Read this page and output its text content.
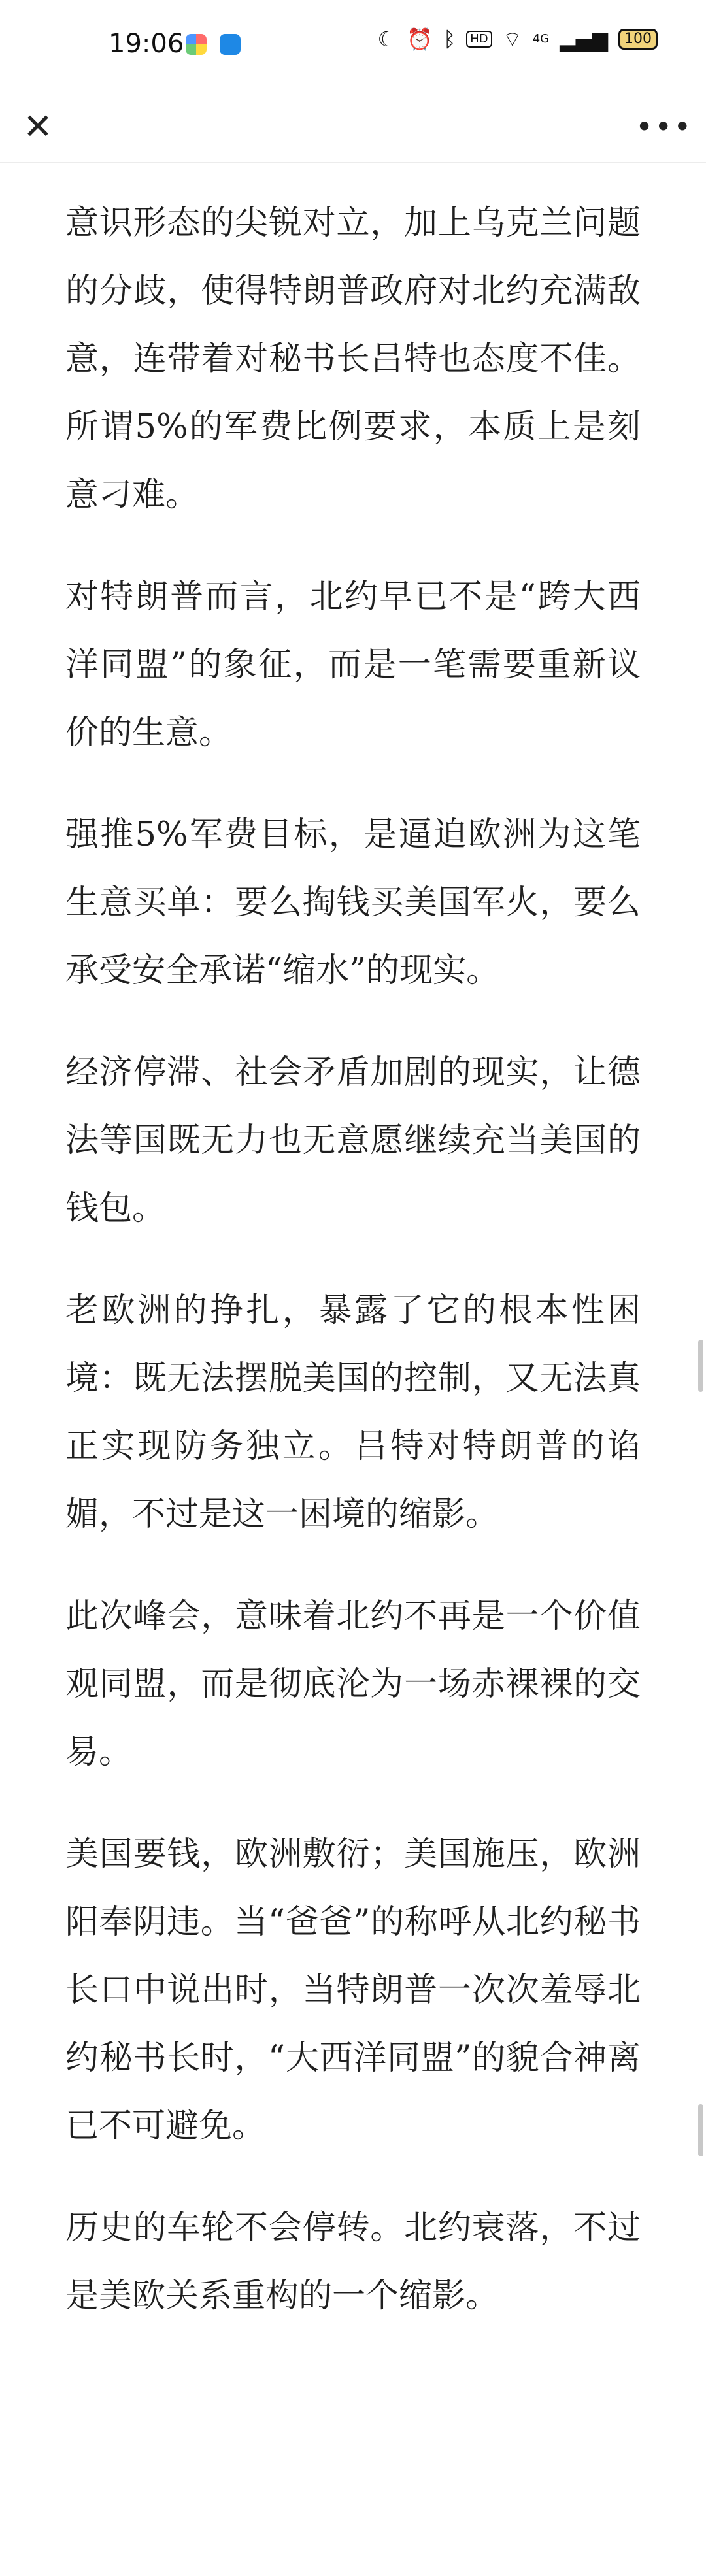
19:06	☾ ⏰ ᛒ	HD ⌔ 4G ▂▄▆	100
✕	•••

意识形态的尖锐对立，加上乌克兰问题的分歧，使得特朗普政府对北约充满敌意，连带着对秘书长吕特也态度不佳。所谓5%的军费比例要求，本质上是刻意刁难。

对特朗普而言，北约早已不是“跨大西洋同盟”的象征，而是一笔需要重新议价的生意。

强推5%军费目标，是逼迫欧洲为这笔生意买单：要么掏钱买美国军火，要么承受安全承诺“缩水”的现实。

经济停滞、社会矛盾加剧的现实，让德法等国既无力也无意愿继续充当美国的钱包。

老欧洲的挣扎，暴露了它的根本性困境：既无法摆脱美国的控制，又无法真正实现防务独立。吕特对特朗普的谄媚，不过是这一困境的缩影。

此次峰会，意味着北约不再是一个价值观同盟，而是彻底沦为一场赤裸裸的交易。

美国要钱，欧洲敷衍；美国施压，欧洲阳奉阴违。当“爸爸”的称呼从北约秘书长口中说出时，当特朗普一次次羞辱北约秘书长时，“大西洋同盟”的貌合神离已不可避免。

历史的车轮不会停转。北约衰落，不过是美欧关系重构的一个缩影。
